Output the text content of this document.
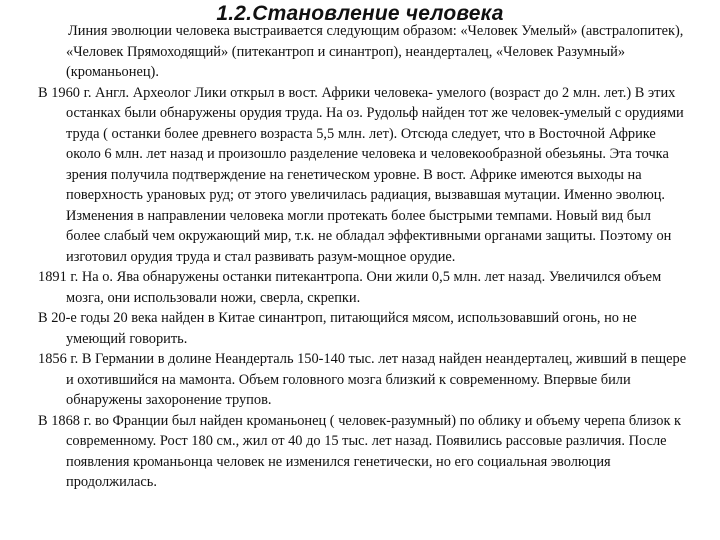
1.2.Становление человека

Линия эволюции человека выстраивается следующим образом: «Человек Умелый» (австралопитек), «Человек Прямоходящий» (питекантроп и синантроп), неандерталец, «Человек Разумный» (кроманьонец).

В 1960 г. Англ. Археолог Лики открыл в вост. Африки человека- умелого (возраст до 2 млн. лет.) В этих останках были обнаружены орудия труда. На оз. Рудольф найден тот же человек-умелый с орудиями труда ( останки более древнего возраста 5,5 млн. лет). Отсюда следует, что в Восточной Африке около 6 млн. лет назад и произошло разделение человека и человекообразной обезьяны. Эта точка зрения получила подтверждение на генетическом уровне. В вост. Африке имеются выходы на поверхность урановых руд; от этого увеличилась радиация, вызвавшая мутации. Именно эволюц. Изменения в направлении человека могли протекать более быстрыми темпами. Новый вид был более слабый чем окружающий мир, т.к. не обладал эффективными органами защиты. Поэтому он изготовил орудия труда и стал развивать разум-мощное орудие.

1891 г. На о. Ява обнаружены останки питекантропа. Они жили 0,5 млн. лет назад. Увеличился объем мозга, они использовали ножи, сверла, скрепки.

В 20-е годы 20 века найден в Китае синантроп, питающийся мясом, использовавший огонь, но не умеющий говорить.

1856 г. В Германии в долине Неандерталь 150-140 тыс. лет назад найден неандерталец, живший в пещере и охотившийся на мамонта. Объем головного мозга близкий к современному. Впервые били обнаружены захоронение трупов.

В 1868 г. во Франции был найден кроманьонец ( человек-разумный) по облику и объему черепа близок к современному. Рост 180 см., жил от 40 до 15 тыс. лет назад. Появились рассовые различия. После появления кроманьонца человек не изменился генетически, но его социальная эволюция продолжилась.
